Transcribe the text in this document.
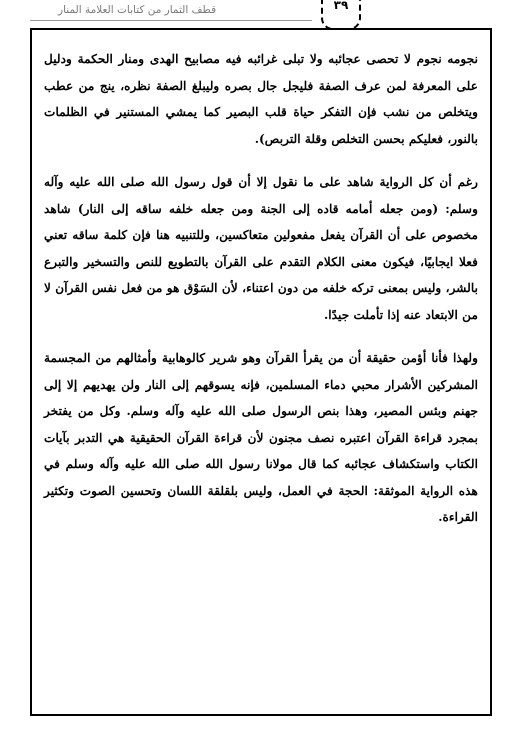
قطف الثمار من كتابات العلامة المنار	٣٩

نجومه نجوم لا تحصى عجائبه ولا تبلى غرائبه فيه مصابيح الهدى ومنار الحكمة ودليل على المعرفة لمن عرف الصفة فليجل جال بصره وليبلغ الصفة نظره، ينج من عطب ويتخلص من نشب فإن التفكر حياة قلب البصير كما يمشي المستنير في الظلمات بالنور، فعليكم بحسن التخلص وقلة التربص).

رغم أن كل الرواية شاهد على ما نقول إلا أن قول رسول الله صلى الله عليه وآله وسلم: (ومن جعله أمامه قاده إلى الجنة ومن جعله خلفه ساقه إلى النار) شاهد مخصوص على أن القرآن يفعل مفعولين متعاكسين، وللتنبيه هنا فإن كلمة ساقه تعني فعلا ايجابيًا، فيكون معنى الكلام التقدم على القرآن بالتطويع للنص والتسخير والتبرع بالشر، وليس بمعنى تركه خلفه من دون اعتناء، لأن السَوْق هو من فعل نفس القرآن لا من الابتعاد عنه إذا تأملت جيدًا.

ولهذا فأنا أؤمن حقيقة أن من يقرأ القرآن وهو شرير كالوهابية وأمثالهم من المجسمة المشركين الأشرار محبي دماء المسلمين، فإنه يسوقهم إلى النار ولن يهديهم إلا إلى جهنم وبئس المصير، وهذا بنص الرسول صلى الله عليه وآله وسلم. وكل من يفتخر بمجرد قراءة القرآن اعتبره نصف مجنون لأن قراءة القرآن الحقيقية هي التدبر بآيات الكتاب واستكشاف عجائبه كما قال مولانا رسول الله صلى الله عليه وآله وسلم في هذه الرواية الموثقة: الحجة في العمل، وليس بلقلقة اللسان وتحسين الصوت وتكثير القراءة.
